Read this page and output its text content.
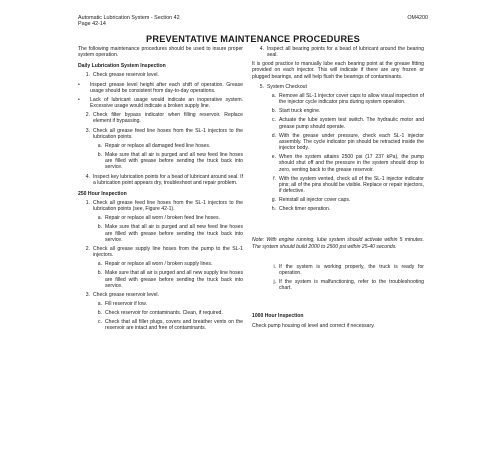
Automatic Lubrication System - Section 42
Page 42-14
OM4200
PREVENTATIVE MAINTENANCE PROCEDURES

The following maintenance procedures should be used to insure proper system operation.

Daily Lubrication System Inspection
1. Check grease reservoir level.
•	Inspect grease level height after each shift of operation. Grease usage should be consistent from day-to-day operations.
•	Lack of lubricant usage would indicate an inoperative system. Excessive usage would indicate a broken supply line.
2. Check filter bypass indicator when filling reservoir. Replace element if bypassing.
3. Check all grease feed line hoses from the SL-1 injectors to the lubrication points.
a. Repair or replace all damaged feed line hoses.
b. Make sure that all air is purged and all new feed line hoses are filled with grease before sending the truck back into service.
4. Inspect key lubrication points for a bead of lubricant around seal. If a lubrication point appears dry, troubleshoot and repair problem.
250 Hour Inspection
1. Check all grease feed line hoses from the SL-1 injectors to the lubrication points (see, Figure 42-1).
a. Repair or replace all worn / broken feed line hoses.
b. Make sure that all air is purged and all new feed line hoses are filled with grease before sending the truck back into service.
2. Check all grease supply line hoses from the pump to the SL-1 injectors.
a. Repair or replace all worn / broken supply lines.
b. Make sure that all air is purged and all new supply line hoses are filled with grease before sending the truck back into service.
3. Check grease reservoir level.
a. Fill reservoir if low.
b. Check reservoir for contaminants. Clean, if required.
c. Check that all filler plugs, covers and breather vents on the reservoir are intact and free of contaminants.
4. Inspect all bearing points for a bead of lubricant around the bearing seal.

It is good practice to manually lube each bearing point at the grease fitting provided on each injector. This will indicate if there are any frozen or plugged bearings, and will help flush the bearings of contaminants.

5. System Checkout
a. Remove all SL-1 injector cover caps to allow visual inspection of the injector cycle indicator pins during system operation.
b. Start truck engine.
c. Actuate the lube system test switch. The hydraulic motor and grease pump should operate.
d. With the grease under pressure, check each SL-1 injector assembly. The cycle indicator pin should be retracted inside the injector body.
e. When the system attains 2500 psi (17 237 kPa), the pump should shut off and the pressure in the system should drop to zero, venting back to the grease reservoir.
f. With the system vented, check all of the SL-1 injector indicator pins; all of the pins should be visible. Replace or repair injectors, if defective.
g. Reinstall all injector cover caps.
h. Check timer operation.
Note: With engine running, lube system should activate within 5 minutes. The system should build 2000 to 2500 psi within 25-40 seconds.
i. If the system is working properly, the truck is ready for operation.
j. If the system is malfunctioning, refer to the troubleshooting chart.
1000 Hour Inspection

Check pump housing oil level and correct if necessary.
